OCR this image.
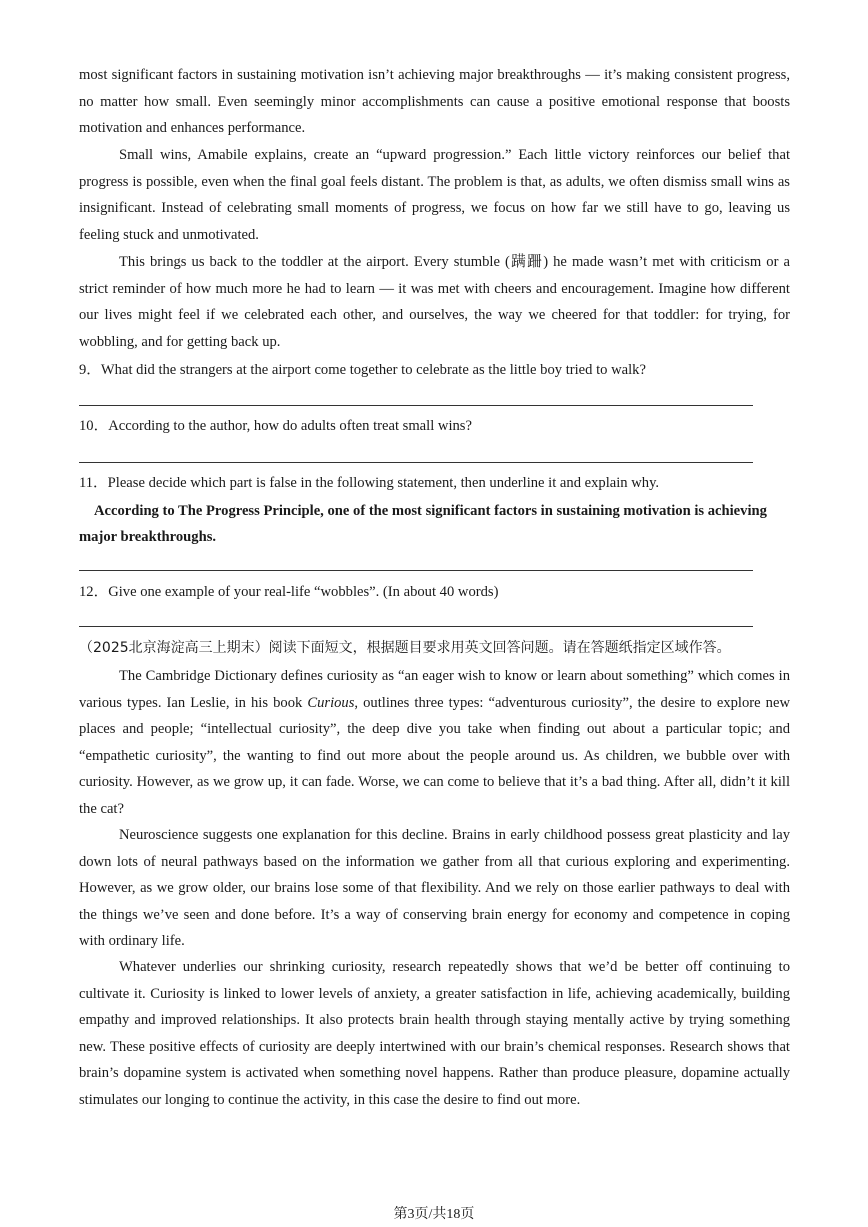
most significant factors in sustaining motivation isn’t achieving major breakthroughs — it’s making consistent progress, no matter how small. Even seemingly minor accomplishments can cause a positive emotional response that boosts motivation and enhances performance.

Small wins, Amabile explains, create an “upward progression.” Each little victory reinforces our belief that progress is possible, even when the final goal feels distant. The problem is that, as adults, we often dismiss small wins as insignificant. Instead of celebrating small moments of progress, we focus on how far we still have to go, leaving us feeling stuck and unmotivated.

This brings us back to the toddler at the airport. Every stumble (蹒跚) he made wasn’t met with criticism or a strict reminder of how much more he had to learn — it was met with cheers and encouragement. Imagine how different our lives might feel if we celebrated each other, and ourselves, the way we cheered for that toddler: for trying, for wobbling, and for getting back up.

9．What did the strangers at the airport come together to celebrate as the little boy tried to walk?

10．According to the author, how do adults often treat small wins?

11．Please decide which part is false in the following statement, then underline it and explain why.

According to The Progress Principle, one of the most significant factors in sustaining motivation is achieving major breakthroughs.

12．Give one example of your real-life “wobbles”. (In about 40 words)

（2025北京海淀高三上期末）阅读下面短文，根据题目要求用英文回答问题。请在答题纸指定区域作答。

The Cambridge Dictionary defines curiosity as “an eager wish to know or learn about something” which comes in various types. Ian Leslie, in his book Curious, outlines three types: “adventurous curiosity”, the desire to explore new places and people; “intellectual curiosity”, the deep dive you take when finding out about a particular topic; and “empathetic curiosity”, the wanting to find out more about the people around us. As children, we bubble over with curiosity. However, as we grow up, it can fade. Worse, we can come to believe that it’s a bad thing. After all, didn’t it kill the cat?

Neuroscience suggests one explanation for this decline. Brains in early childhood possess great plasticity and lay down lots of neural pathways based on the information we gather from all that curious exploring and experimenting. However, as we grow older, our brains lose some of that flexibility. And we rely on those earlier pathways to deal with the things we’ve seen and done before. It’s a way of conserving brain energy for economy and competence in coping with ordinary life.

Whatever underlies our shrinking curiosity, research repeatedly shows that we’d be better off continuing to cultivate it. Curiosity is linked to lower levels of anxiety, a greater satisfaction in life, achieving academically, building empathy and improved relationships. It also protects brain health through staying mentally active by trying something new. These positive effects of curiosity are deeply intertwined with our brain’s chemical responses. Research shows that brain’s dopamine system is activated when something novel happens. Rather than produce pleasure, dopamine actually stimulates our longing to continue the activity, in this case the desire to find out more.

第3页/共18页
